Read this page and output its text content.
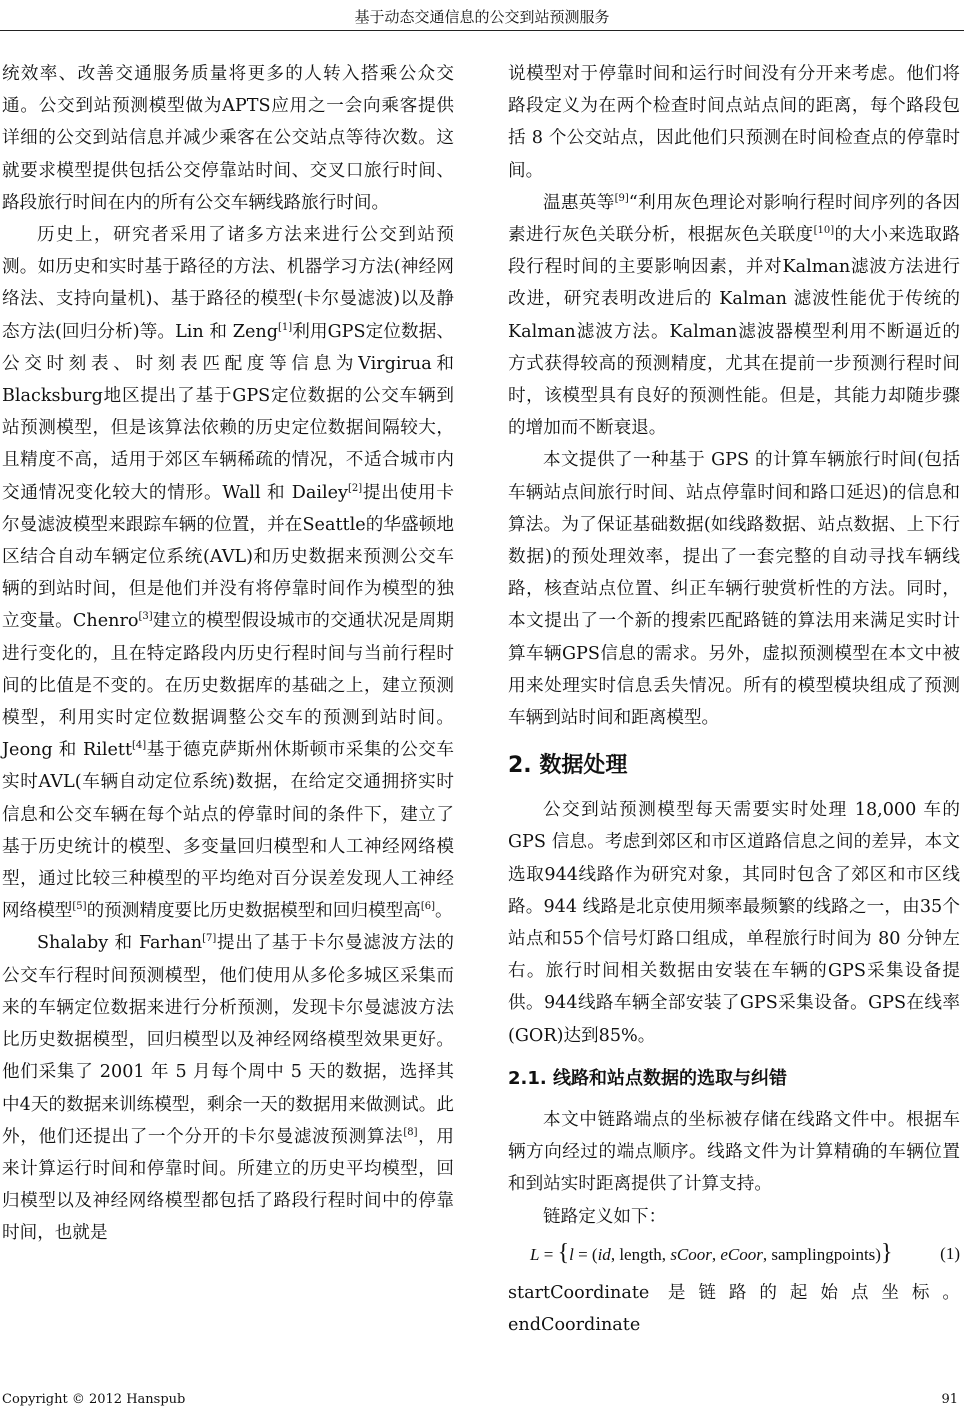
基于动态交通信息的公交到站预测服务

统效率、改善交通服务质量将更多的人转入搭乘公众交通。公交到站预测模型做为APTS应用之一会向乘客提供详细的公交到站信息并减少乘客在公交站点等待次数。这就要求模型提供包括公交停靠站时间、交叉口旅行时间、路段旅行时间在内的所有公交车辆线路旅行时间。

历史上，研究者采用了诸多方法来进行公交到站预测。如历史和实时基于路径的方法、机器学习方法(神经网络法、支持向量机)、基于路径的模型(卡尔曼滤波)以及静态方法(回归分析)等。Lin 和 Zeng[1]利用GPS定位数据、公交时刻表、时刻表匹配度等信息为Virgirua和Blacksburg地区提出了基于GPS定位数据的公交车辆到站预测模型，但是该算法依赖的历史定位数据间隔较大，且精度不高，适用于郊区车辆稀疏的情况，不适合城市内交通情况变化较大的情形。Wall 和 Dailey[2]提出使用卡尔曼滤波模型来跟踪车辆的位置，并在Seattle的华盛顿地区结合自动车辆定位系统(AVL)和历史数据来预测公交车辆的到站时间，但是他们并没有将停靠时间作为模型的独立变量。Chenro[3]建立的模型假设城市的交通状况是周期进行变化的，且在特定路段内历史行程时间与当前行程时间的比值是不变的。在历史数据库的基础之上，建立预测模型，利用实时定位数据调整公交车的预测到站时间。Jeong 和 Rilett[4]基于德克萨斯州休斯顿市采集的公交车实时AVL(车辆自动定位系统)数据，在给定交通拥挤实时信息和公交车辆在每个站点的停靠时间的条件下，建立了基于历史统计的模型、多变量回归模型和人工神经网络模型，通过比较三种模型的平均绝对百分误差发现人工神经网络模型[5]的预测精度要比历史数据模型和回归模型高[6]。

Shalaby 和 Farhan[7]提出了基于卡尔曼滤波方法的公交车行程时间预测模型，他们使用从多伦多城区采集而来的车辆定位数据来进行分析预测，发现卡尔曼滤波方法比历史数据模型，回归模型以及神经网络模型效果更好。他们采集了 2001 年 5 月每个周中 5 天的数据，选择其中4天的数据来训练模型，剩余一天的数据用来做测试。此外，他们还提出了一个分开的卡尔曼滤波预测算法[8]，用来计算运行时间和停靠时间。所建立的历史平均模型，回归模型以及神经网络模型都包括了路段行程时间中的停靠时间，也就是

说模型对于停靠时间和运行时间没有分开来考虑。他们将路段定义为在两个检查时间点站点间的距离，每个路段包括 8 个公交站点，因此他们只预测在时间检查点的停靠时间。

温惠英等[9]“利用灰色理论对影响行程时间序列的各因素进行灰色关联分析，根据灰色关联度[10]的大小来选取路段行程时间的主要影响因素，并对Kalman滤波方法进行改进，研究表明改进后的 Kalman 滤波性能优于传统的Kalman滤波方法。Kalman滤波器模型利用不断逼近的方式获得较高的预测精度，尤其在提前一步预测行程时间时，该模型具有良好的预测性能。但是，其能力却随步骤的增加而不断衰退。

本文提供了一种基于 GPS 的计算车辆旅行时间(包括车辆站点间旅行时间、站点停靠时间和路口延迟)的信息和算法。为了保证基础数据(如线路数据、站点数据、上下行数据)的预处理效率，提出了一套完整的自动寻找车辆线路，核查站点位置、纠正车辆行驶赏析性的方法。同时，本文提出了一个新的搜索匹配路链的算法用来满足实时计算车辆GPS信息的需求。另外，虚拟预测模型在本文中被用来处理实时信息丢失情况。所有的模型模块组成了预测车辆到站时间和距离模型。

2. 数据处理

公交到站预测模型每天需要实时处理 18,000 车的 GPS 信息。考虑到郊区和市区道路信息之间的差异，本文选取944线路作为研究对象，其同时包含了郊区和市区线路。944 线路是北京使用频率最频繁的线路之一，由35个站点和55个信号灯路口组成，单程旅行时间为 80 分钟左右。旅行时间相关数据由安装在车辆的GPS采集设备提供。944线路车辆全部安装了GPS采集设备。GPS在线率(GOR)达到85%。

2.1. 线路和站点数据的选取与纠错

本文中链路端点的坐标被存储在线路文件中。根据车辆方向经过的端点顺序。线路文件为计算精确的车辆位置和到站实时距离提供了计算支持。

链路定义如下：

L = {l = (id, length, sCoor, eCoor, samplingpoints)}	(1)

startCoordinate 是链路的起始点坐标。 endCoordinate

Copyright © 2012 Hanspub	91
